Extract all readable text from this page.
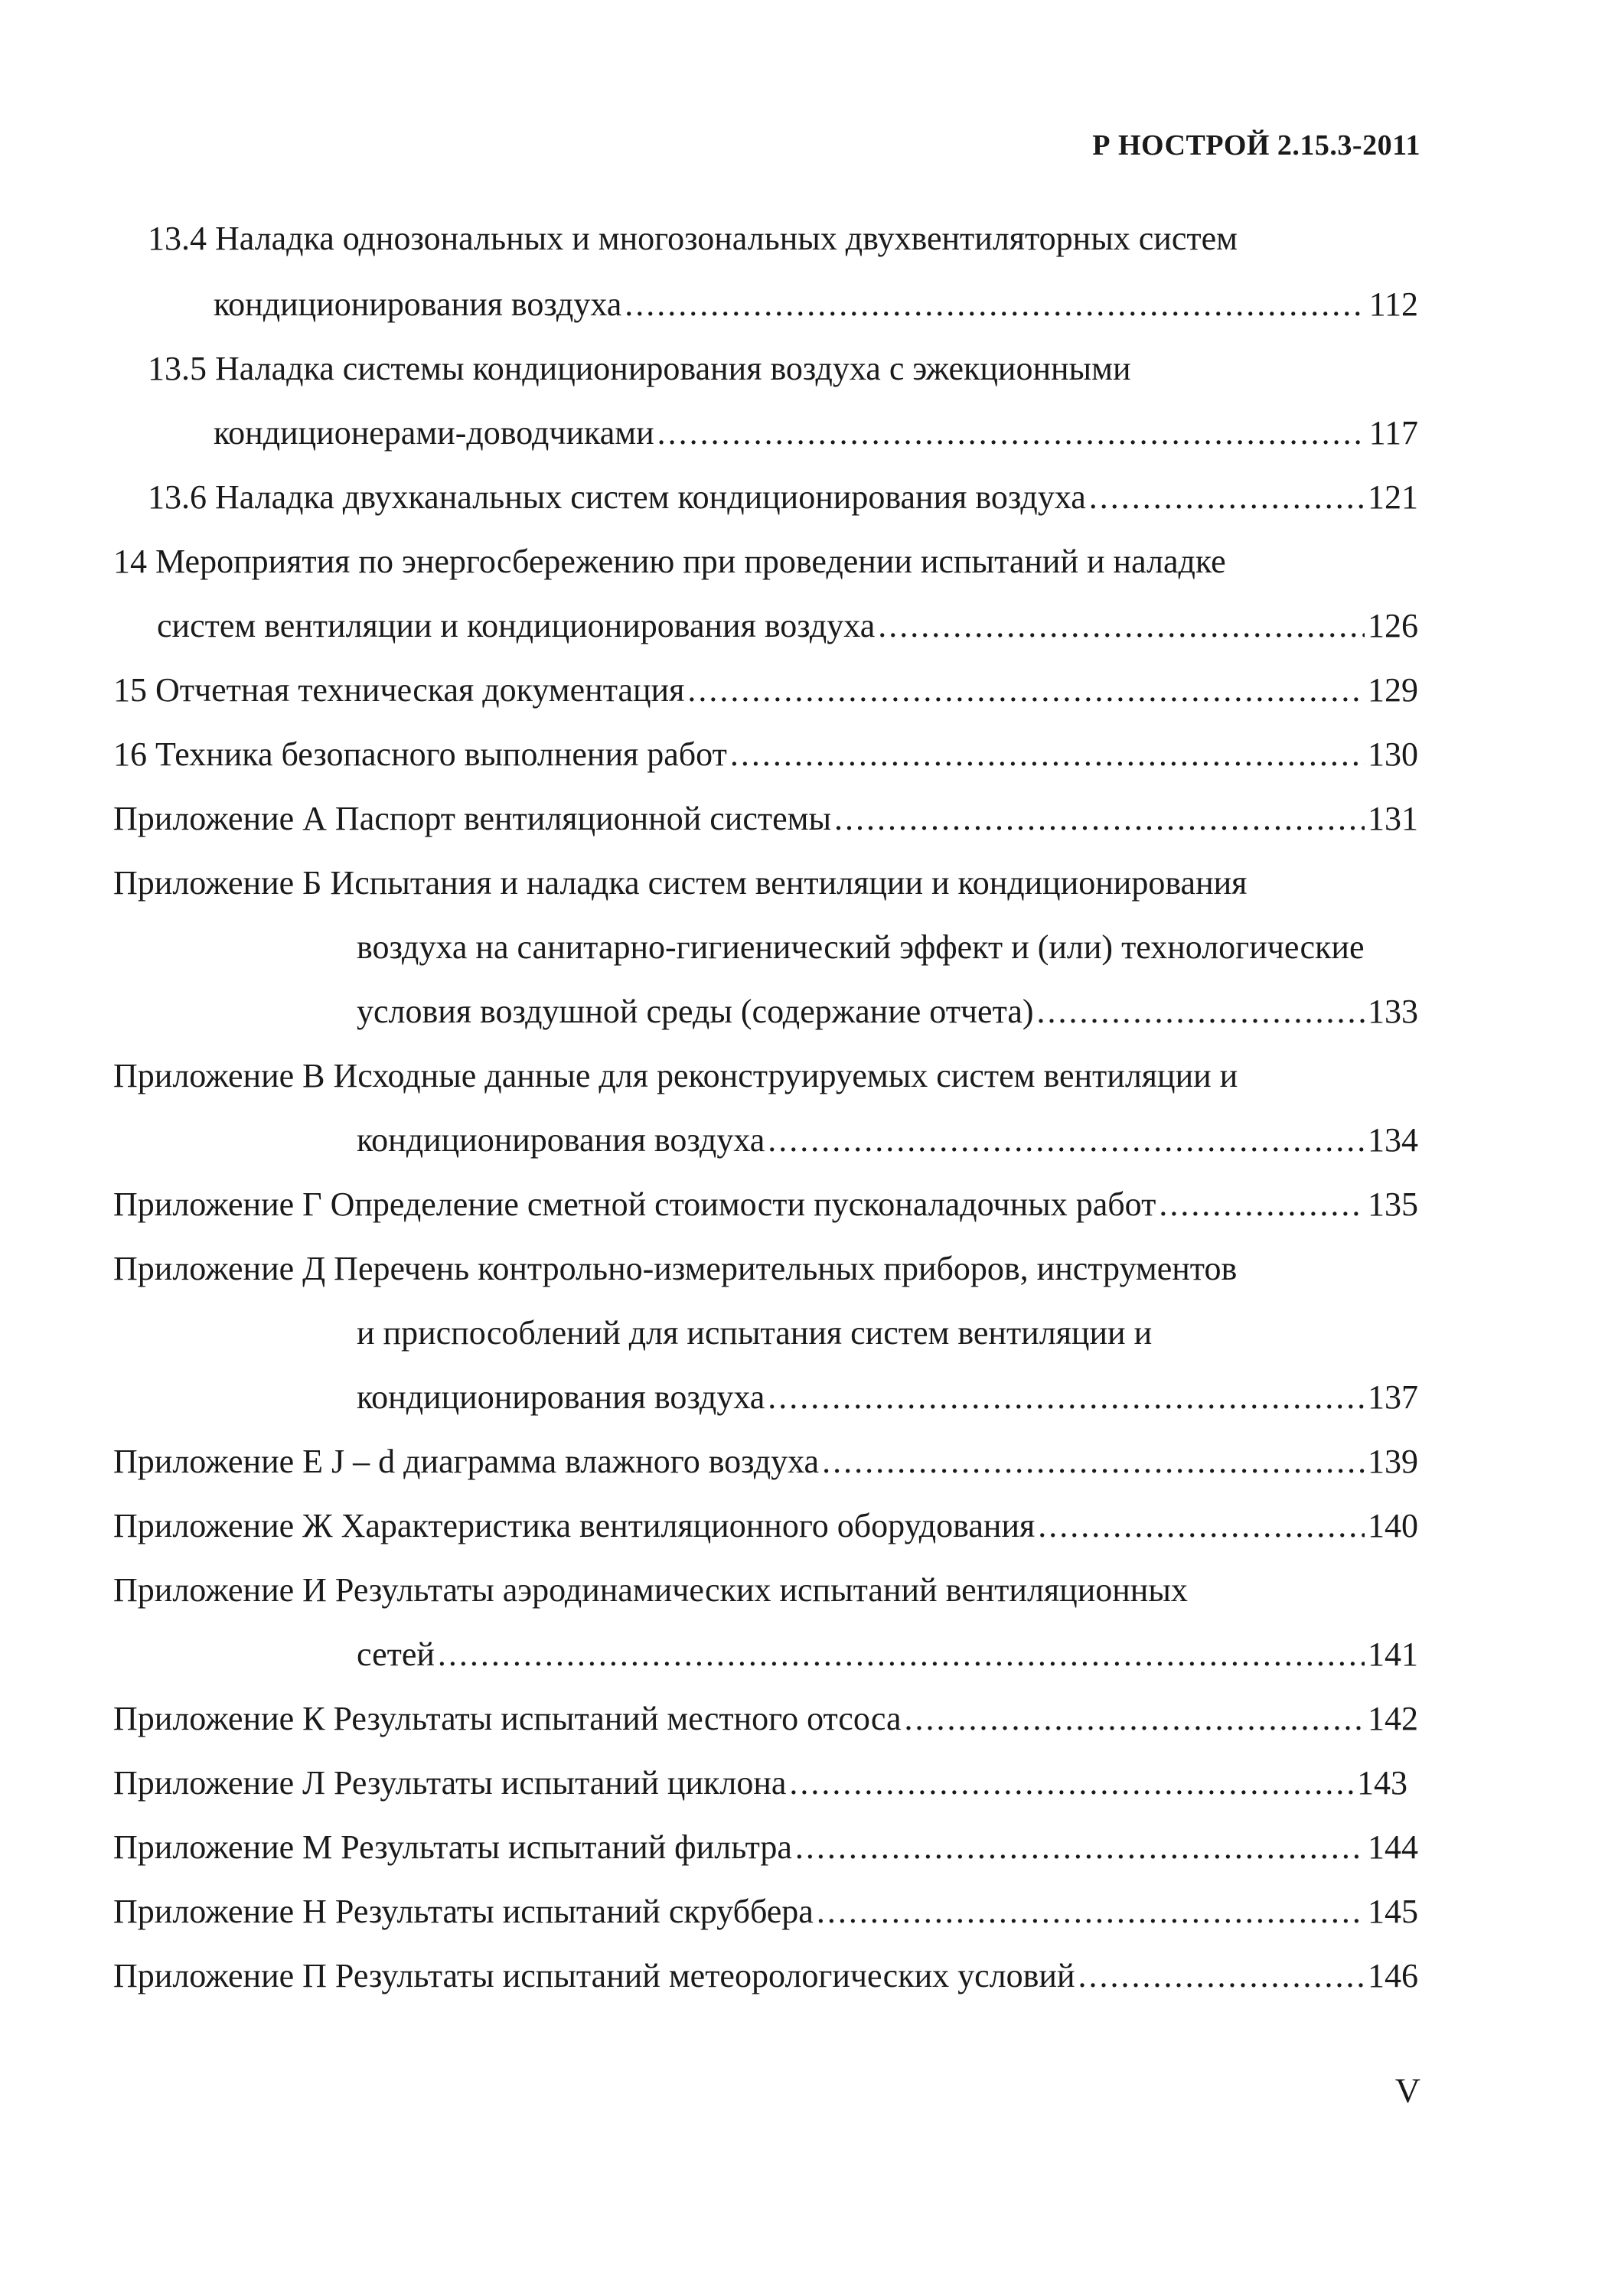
Р НОСТРОЙ 2.15.3-2011
13.4 Наладка однозональных и многозональных двухвентиляторных систем
кондиционирования воздуха .....	112
13.5 Наладка системы кондиционирования воздуха с эжекционными
кондиционерами-доводчиками .....	117
13.6 Наладка двухканальных систем кондиционирования воздуха .....	121
14 Мероприятия по энергосбережению при проведении испытаний и наладке
систем вентиляции и кондиционирования воздуха .....	126
15 Отчетная техническая документация .....	129
16 Техника безопасного выполнения работ .....	130
Приложение А Паспорт вентиляционной системы .....	131
Приложение Б Испытания и наладка систем вентиляции и кондиционирования
воздуха на санитарно-гигиенический эффект и (или) технологические
условия воздушной среды (содержание отчета) .....	133
Приложение В Исходные данные для реконструируемых систем вентиляции и
кондиционирования воздуха .....	134
Приложение Г Определение сметной стоимости пусконаладочных работ .....	135
Приложение Д Перечень контрольно-измерительных приборов, инструментов
и приспособлений для испытания систем вентиляции и
кондиционирования воздуха .....	137
Приложение Е J – d диаграмма влажного воздуха .....	139
Приложение Ж Характеристика вентиляционного оборудования .....	140
Приложение И Результаты аэродинамических испытаний вентиляционных
сетей .....	141
Приложение К Результаты испытаний местного отсоса .....	142
Приложение Л Результаты испытаний циклона .....	143
Приложение М Результаты испытаний фильтра .....	144
Приложение Н Результаты испытаний скруббера .....	145
Приложение П Результаты испытаний метеорологических условий .....	146
V
